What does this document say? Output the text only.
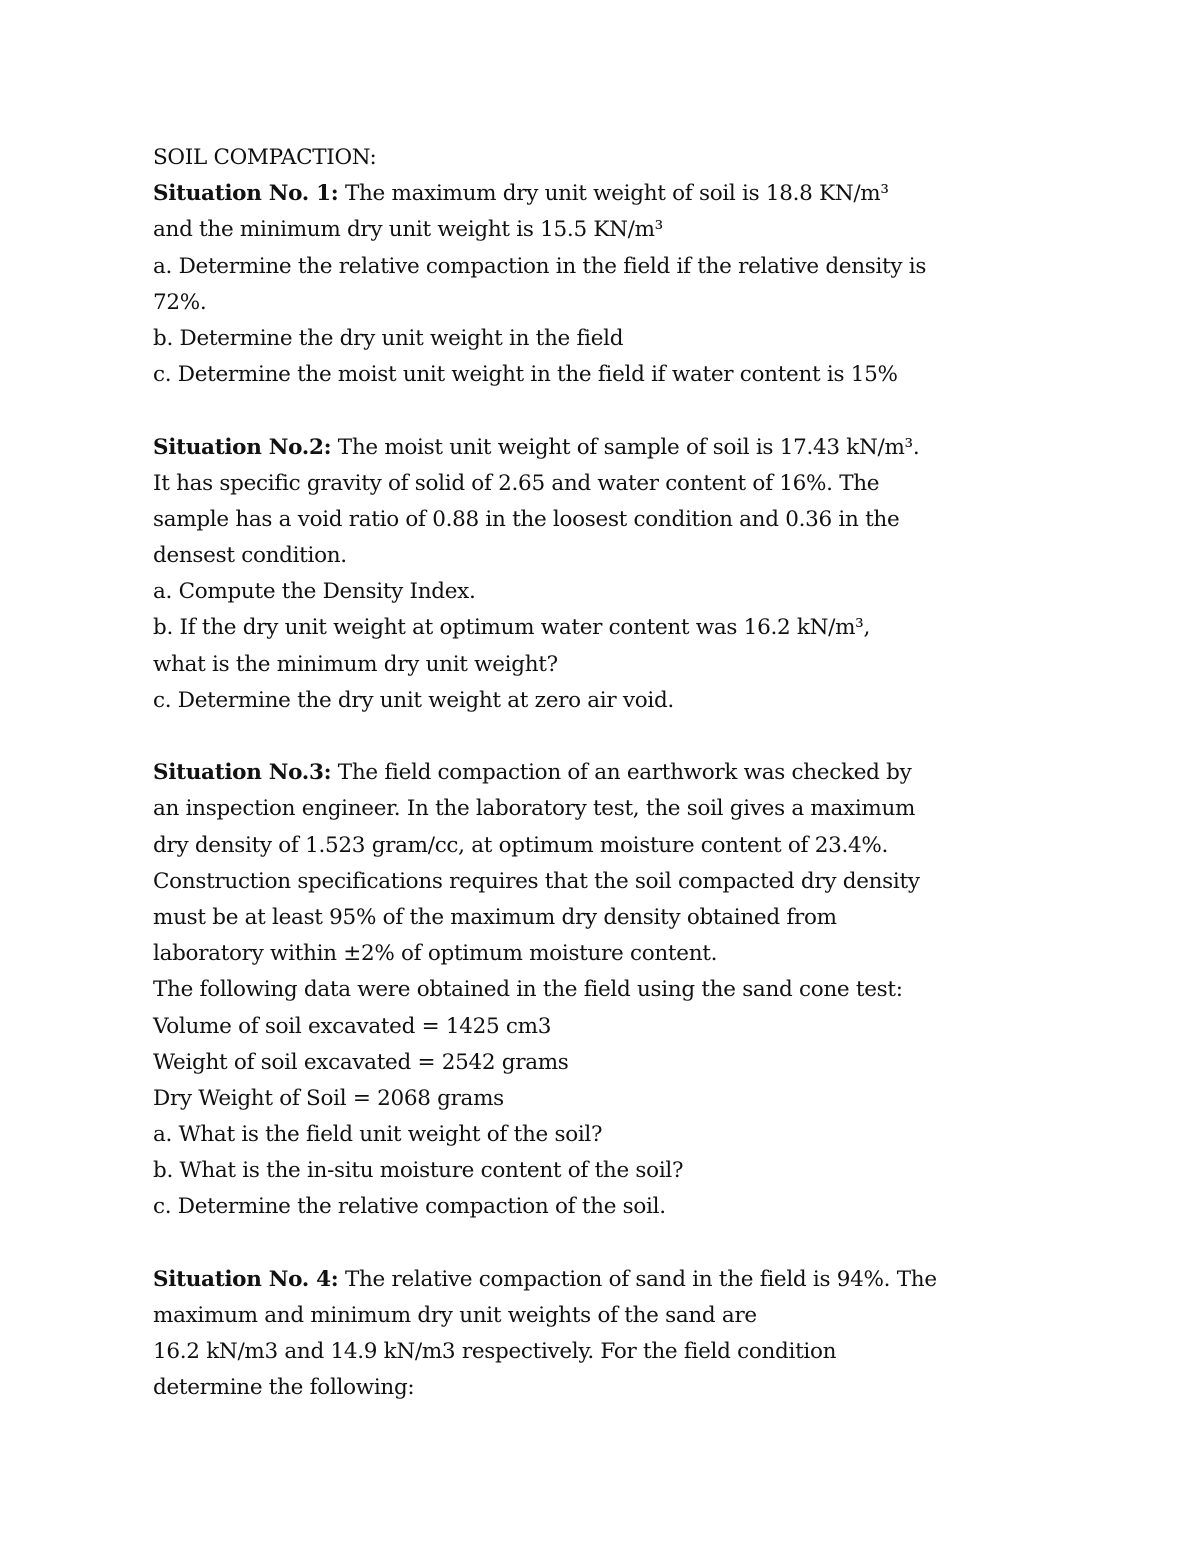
SOIL COMPACTION:
Situation No. 1: The maximum dry unit weight of soil is 18.8 KN/m³
and the minimum dry unit weight is 15.5 KN/m³
a. Determine the relative compaction in the field if the relative density is
72%.
b. Determine the dry unit weight in the field
c. Determine the moist unit weight in the field if water content is 15%
Situation No.2: The moist unit weight of sample of soil is 17.43 kN/m³.
It has specific gravity of solid of 2.65 and water content of 16%. The
sample has a void ratio of 0.88 in the loosest condition and 0.36 in the
densest condition.
a. Compute the Density Index.
b. If the dry unit weight at optimum water content was 16.2 kN/m³,
what is the minimum dry unit weight?
c. Determine the dry unit weight at zero air void.
Situation No.3: The field compaction of an earthwork was checked by
an inspection engineer. In the laboratory test, the soil gives a maximum
dry density of 1.523 gram/cc, at optimum moisture content of 23.4%.
Construction specifications requires that the soil compacted dry density
must be at least 95% of the maximum dry density obtained from
laboratory within ±2% of optimum moisture content.
The following data were obtained in the field using the sand cone test:
Volume of soil excavated = 1425 cm3
Weight of soil excavated = 2542 grams
Dry Weight of Soil = 2068 grams
a. What is the field unit weight of the soil?
b. What is the in-situ moisture content of the soil?
c. Determine the relative compaction of the soil.
Situation No. 4: The relative compaction of sand in the field is 94%. The
maximum and minimum dry unit weights of the sand are
16.2 kN/m3 and 14.9 kN/m3 respectively. For the field condition
determine the following:
